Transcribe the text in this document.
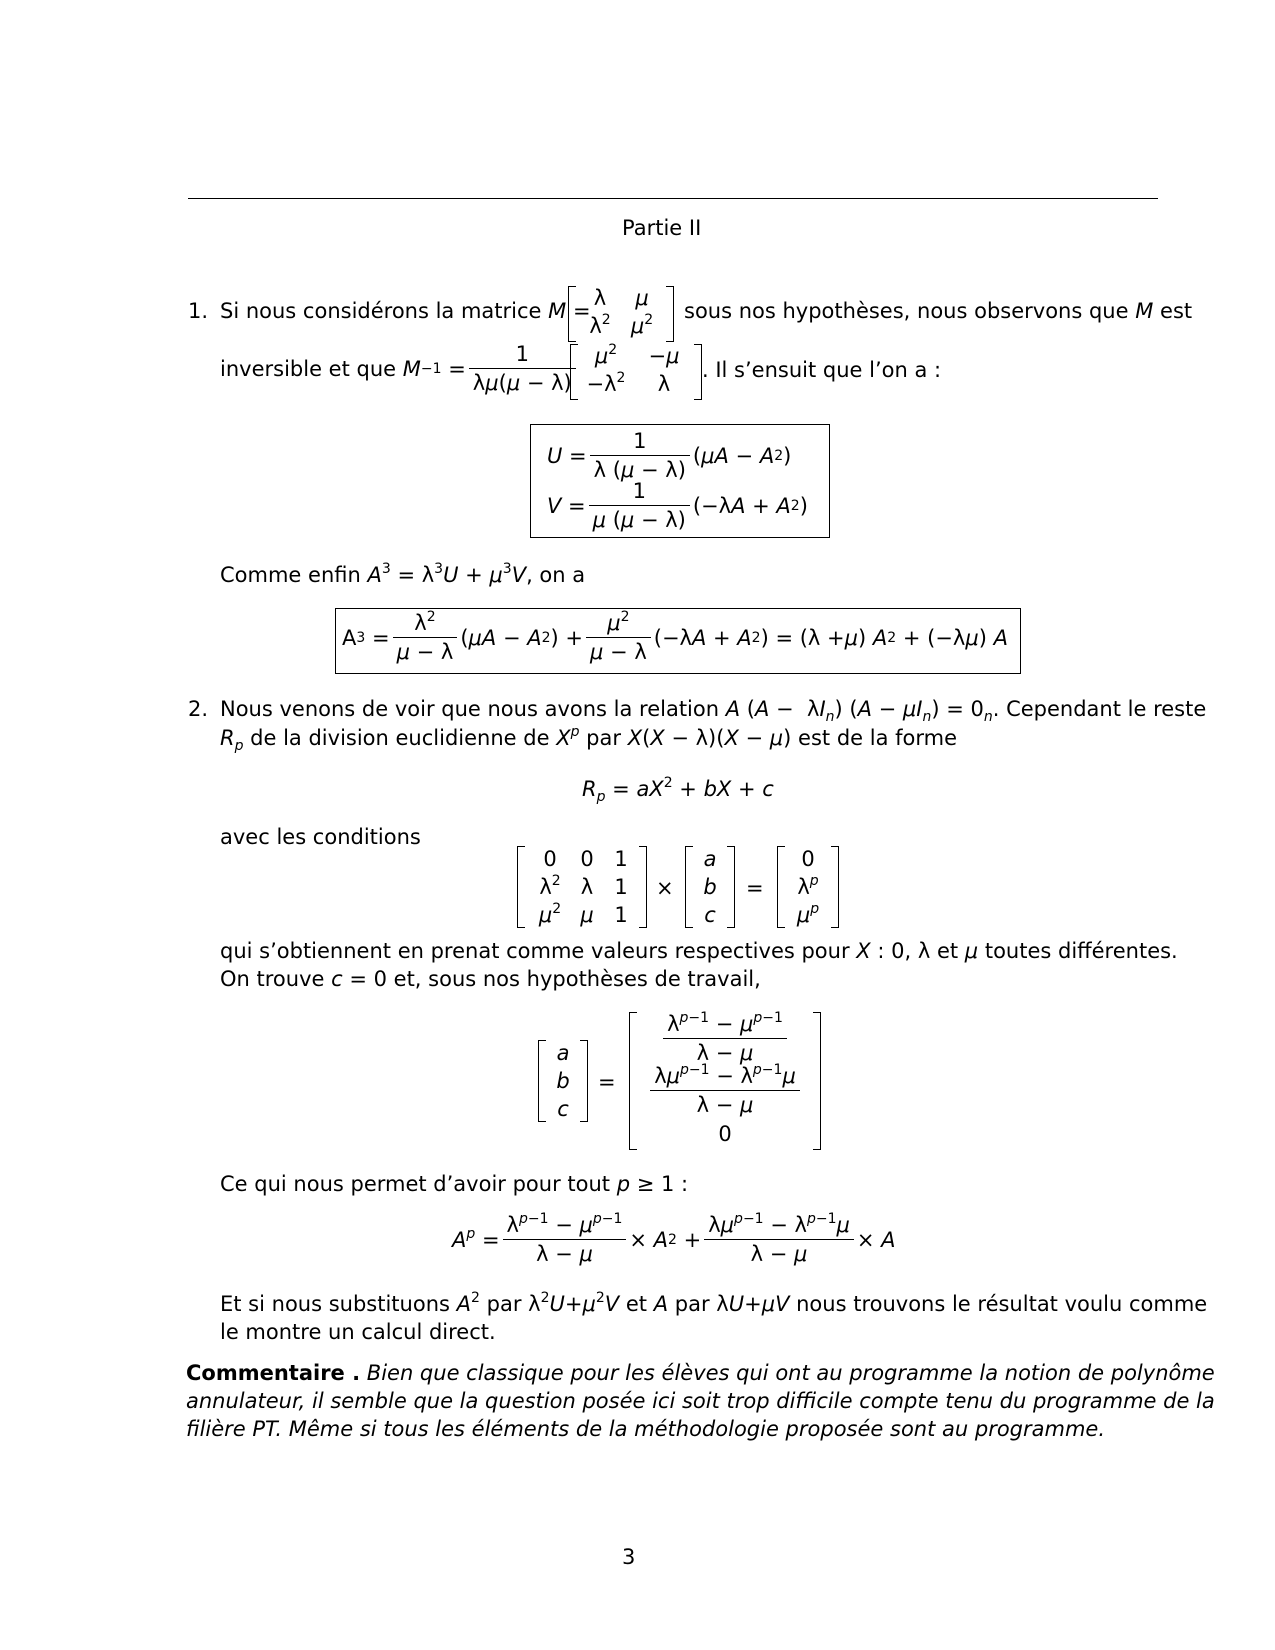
Partie II
1. Si nous considérons la matrice M =
λ μ
$\lambda^2$ $\mu^2$ sous nos hypothèses, nous observons que M est
inversible et que
$M -1 = \frac{1}{\lambda\mu(\mu - \lambda)} \mu^2 -\mu$
$-\lambda^2$ λ
. Il s’ensuit que l’on a :
$U = \frac{1}{\lambda (\mu - \lambda)}$ ( μ A − A 2 )
$V = \frac{1}{\mu (\mu - \lambda)} (-\lambda$ A + A 2 )
Comme enfin $A^3 = \lambda^3U + \mu^3V$, on a
A $3 = \frac{\lambda^2}{\mu - \lambda}$ ( μ A − A 2 ) + $\frac{\mu^2}{\mu - \lambda} (-\lambda$ A + A 2 ) = (λ + μ ) A 2 + (−λ μ ) A
2. Nous venons de voir que nous avons la relation A $(A - \lambda I_n)$ $(A - \mu I_n) = 0_n$. Cependant le reste
$R_p$ de la division euclidienne de $X^p$ par X(X − λ)(X − μ) est de la forme
$R_p = aX^2$ + bX + c
avec les conditions
0 0 1
$\lambda^2$ λ 1
$\mu^2$ μ 1
×
a
b
c
=
0
$\lambda^p$
$\mu^p$
qui s’obtiennent en prenat comme valeurs respectives pour X : 0, λ et μ toutes différentes.
On trouve c = 0 et, sous nos hypothèses de travail,
a
b
c
=
$\frac{\lambda^{p-1} - \mu^{p-1}}{\lambda - \mu}$
$\frac{\lambda\mu^{p-1} - \lambda^{p-1}\mu}{\lambda - \mu}$
0
Ce qui nous permet d’avoir pour tout p ≥ 1 :
$A^p = \frac{\lambda^{p-1} - \mu^{p-1}}{\lambda - \mu} \times A$ $2 + \frac{\lambda\mu^{p-1} - \lambda^{p-1}\mu}{\lambda - \mu} \times A$
Et si nous substituons $A^2$ par $\lambda^2U+\mu^2V$ et A par λU+μV nous trouvons le résultat voulu comme
le montre un calcul direct.
Commentaire . Bien que classique pour les élèves qui ont au programme la notion de polynôme
annulateur, il semble que la question posée ici soit trop difficile compte tenu du programme de la
filière PT. Même si tous les éléments de la méthodologie proposée sont au programme.
3
